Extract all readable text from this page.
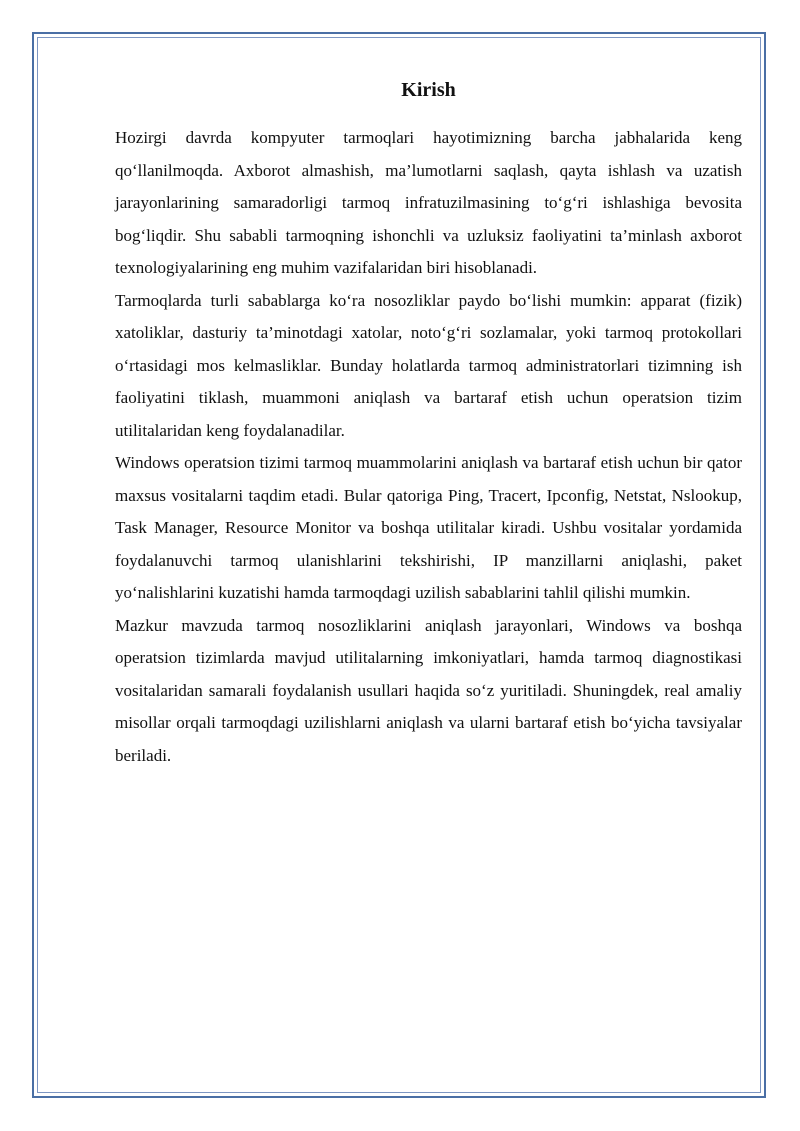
Kirish

Hozirgi davrda kompyuter tarmoqlari hayotimizning barcha jabhalarida keng qo‘llanilmoqda. Axborot almashish, ma’lumotlarni saqlash, qayta ishlash va uzatish jarayonlarining samaradorligi tarmoq infratuzilmasining to‘g‘ri ishlashiga bevosita bog‘liqdir. Shu sababli tarmoqning ishonchli va uzluksiz faoliyatini ta’minlash axborot texnologiyalarining eng muhim vazifalaridan biri hisoblanadi.

Tarmoqlarda turli sabablarga ko‘ra nosozliklar paydo bo‘lishi mumkin: apparat (fizik) xatoliklar, dasturiy ta’minotdagi xatolar, noto‘g‘ri sozlamalar, yoki tarmoq protokollari o‘rtasidagi mos kelmasliklar. Bunday holatlarda tarmoq administratorlari tizimning ish faoliyatini tiklash, muammoni aniqlash va bartaraf etish uchun operatsion tizim utilitalaridan keng foydalanadilar.

Windows operatsion tizimi tarmoq muammolarini aniqlash va bartaraf etish uchun bir qator maxsus vositalarni taqdim etadi. Bular qatoriga Ping, Tracert, Ipconfig, Netstat, Nslookup, Task Manager, Resource Monitor va boshqa utilitalar kiradi. Ushbu vositalar yordamida foydalanuvchi tarmoq ulanishlarini tekshirishi, IP manzillarni aniqlashi, paket yo‘nalishlarini kuzatishi hamda tarmoqdagi uzilish sabablarini tahlil qilishi mumkin.

Mazkur mavzuda tarmoq nosozliklarini aniqlash jarayonlari, Windows va boshqa operatsion tizimlarda mavjud utilitalarning imkoniyatlari, hamda tarmoq diagnostikasi vositalaridan samarali foydalanish usullari haqida so‘z yuritiladi. Shuningdek, real amaliy misollar orqali tarmoqdagi uzilishlarni aniqlash va ularni bartaraf etish bo‘yicha tavsiyalar beriladi.
